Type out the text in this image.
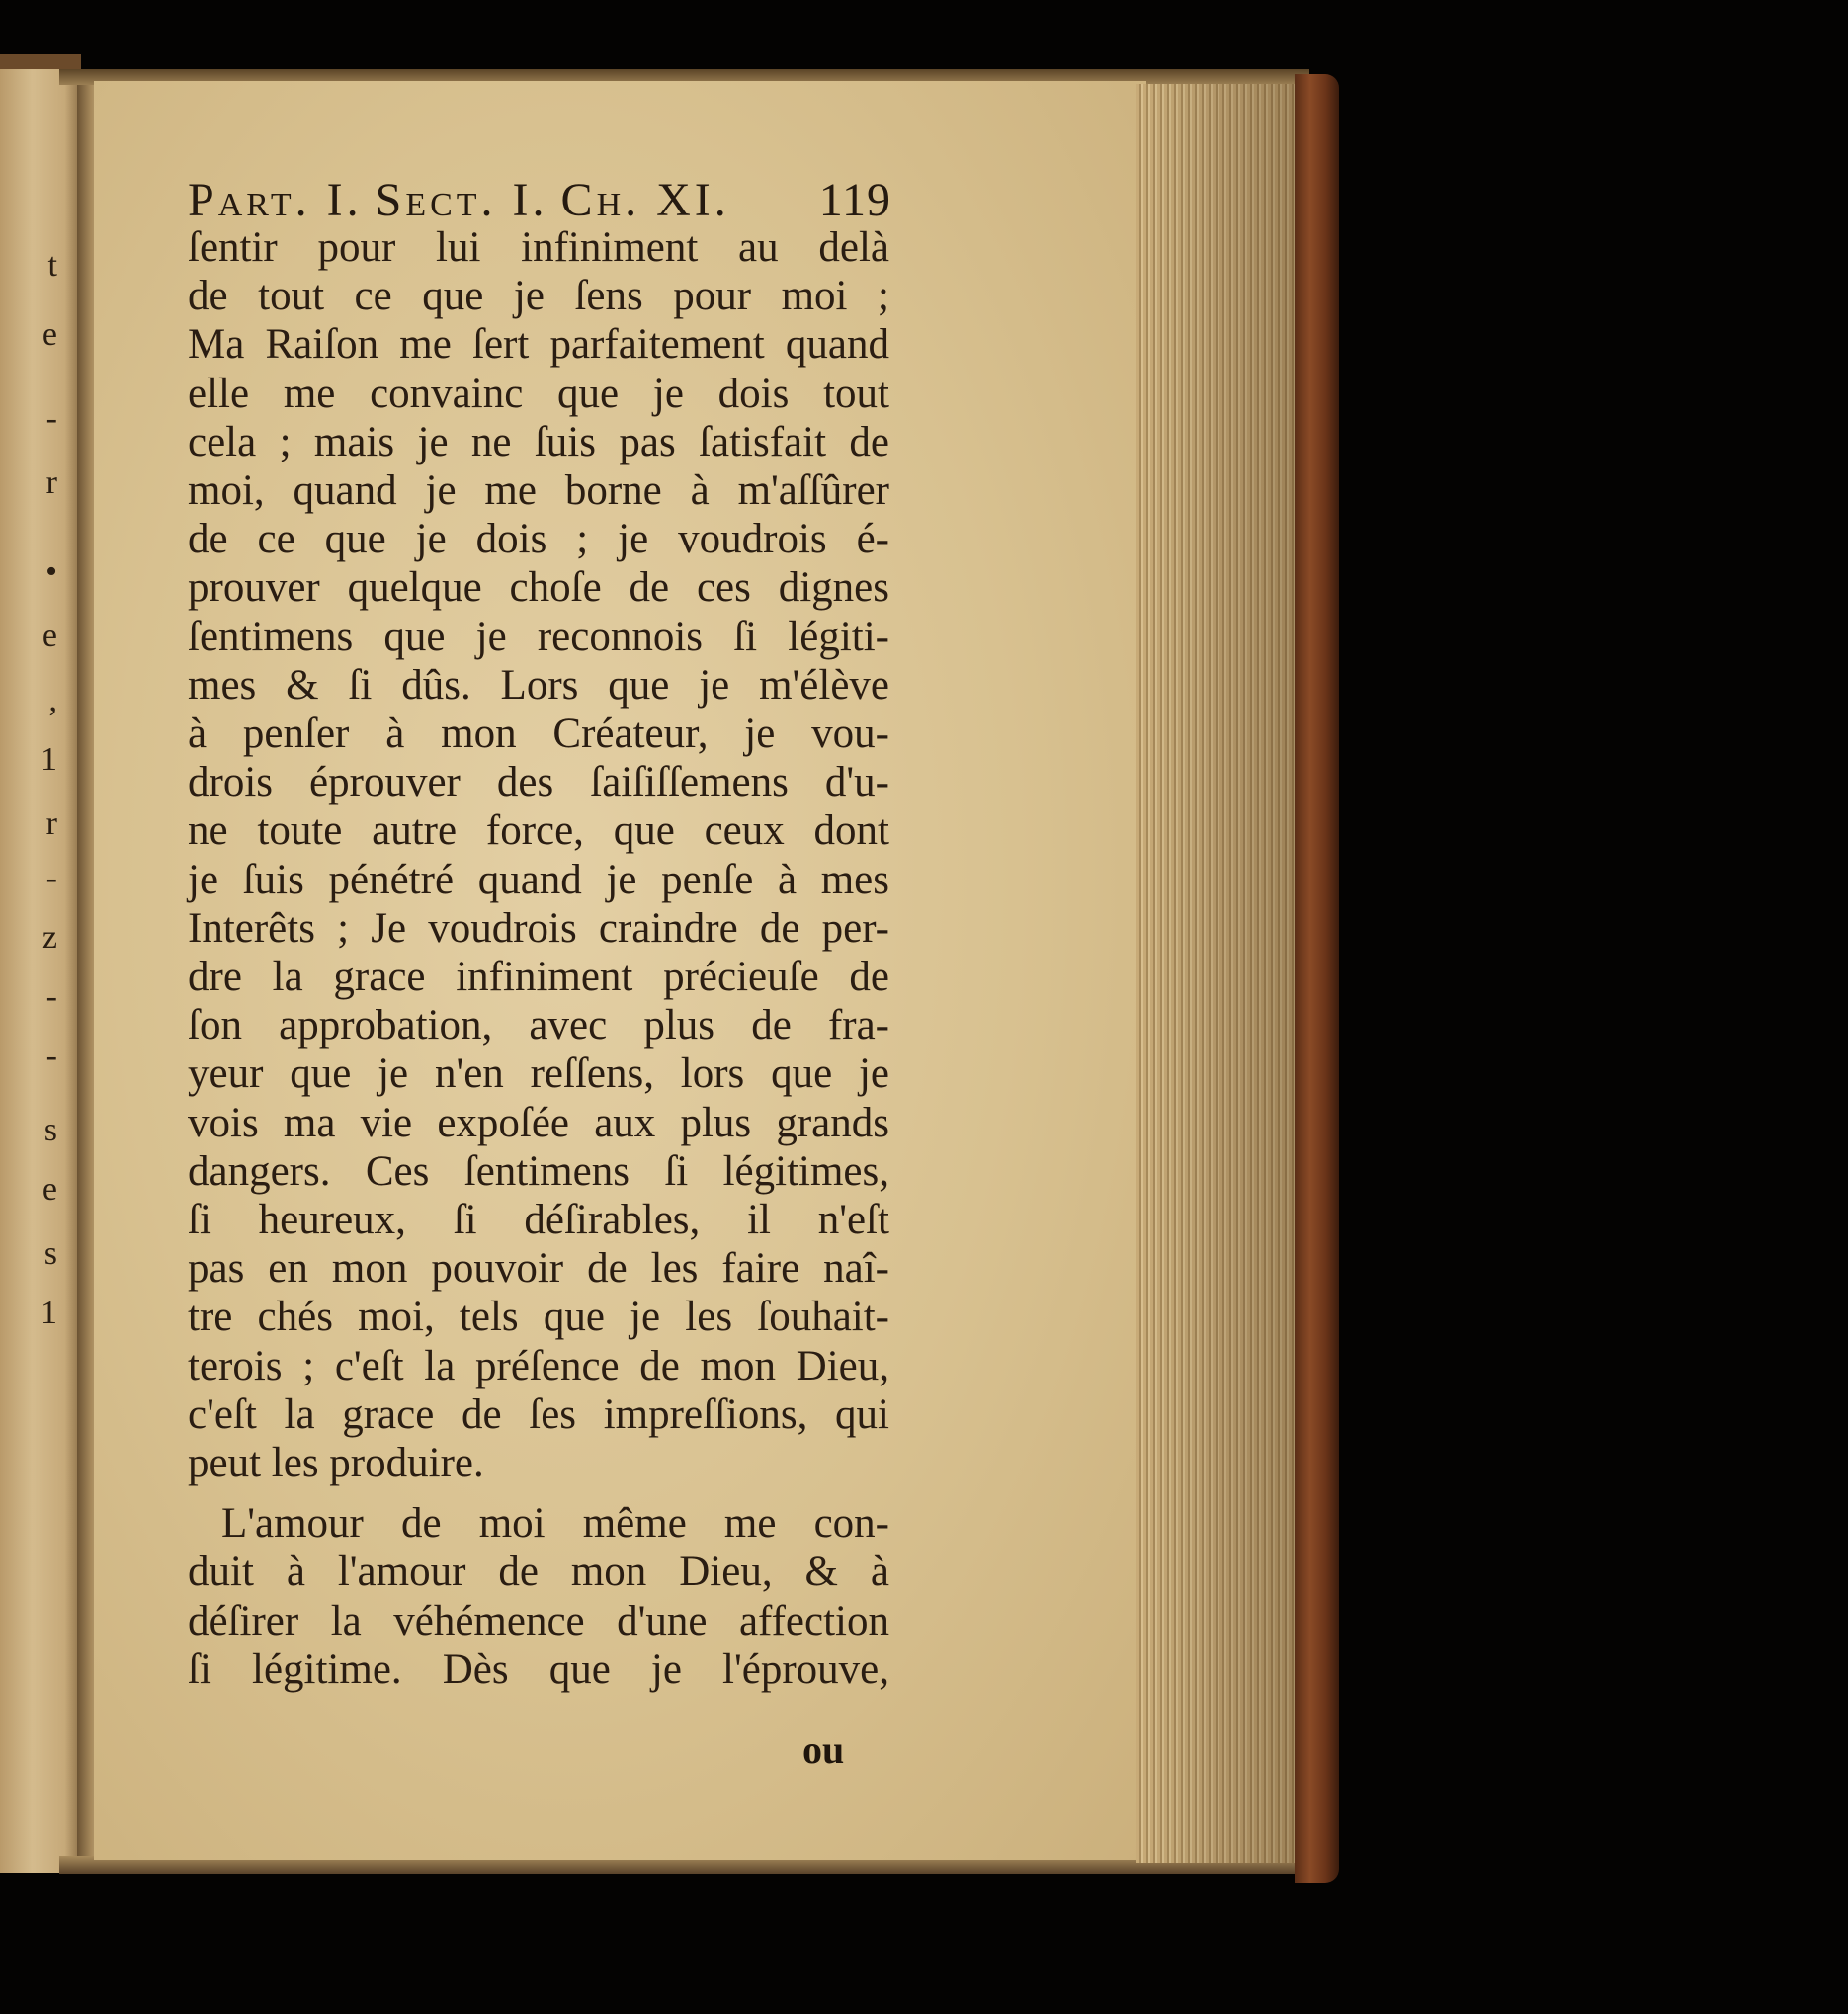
t
e
-
r
•
e
,
1
r
-
z
-
-
s
e
s
1
Part. I. Sect. I. Ch. XI. 119
ſentir pour lui infiniment au delà
de tout ce que je ſens pour moi ;
Ma Raiſon me ſert parfaitement quand
elle me convainc que je dois tout
cela ; mais je ne ſuis pas ſatisfait de
moi, quand je me borne à m'aſſûrer
de ce que je dois ; je voudrois é-
prouver quelque choſe de ces dignes
ſentimens que je reconnois ſi légiti-
mes & ſi dûs. Lors que je m'élève
à penſer à mon Créateur, je vou-
drois éprouver des ſaiſiſſemens d'u-
ne toute autre force, que ceux dont
je ſuis pénétré quand je penſe à mes
Interêts ; Je voudrois craindre de per-
dre la grace infiniment précieuſe de
ſon approbation, avec plus de fra-
yeur que je n'en reſſens, lors que je
vois ma vie expoſée aux plus grands
dangers. Ces ſentimens ſi légitimes,
ſi heureux, ſi déſirables, il n'eſt
pas en mon pouvoir de les faire naî-
tre chés moi, tels que je les ſouhait-
terois ; c'eſt la préſence de mon Dieu,
c'eſt la grace de ſes impreſſions, qui
peut les produire.
L'amour de moi même me con-
duit à l'amour de mon Dieu, & à
déſirer la véhémence d'une affection
ſi légitime. Dès que je l'éprouve,
ou
